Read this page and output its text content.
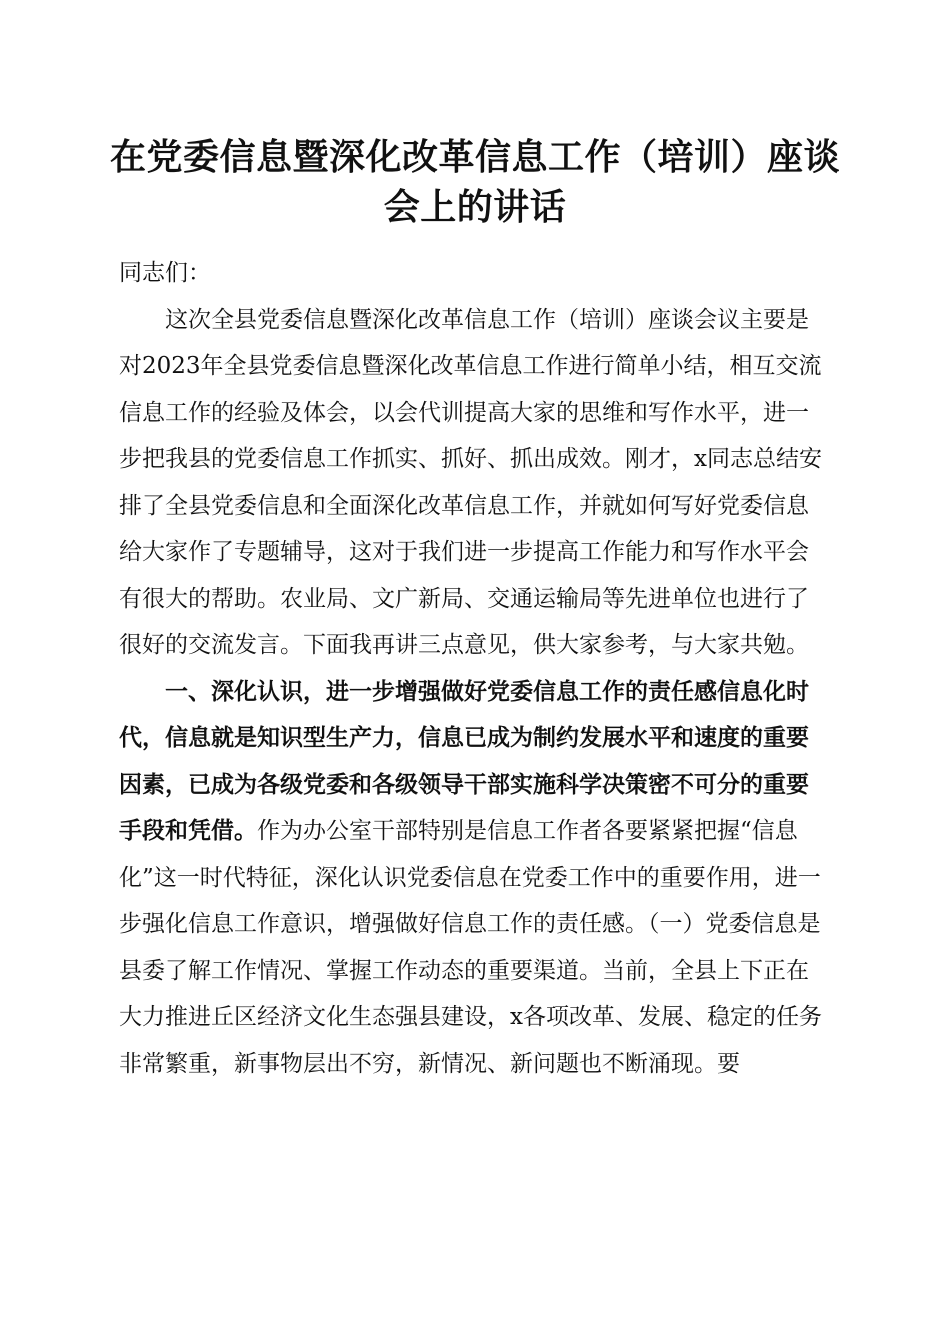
在党委信息暨深化改革信息工作（培训）座谈
会上的讲话

同志们：

这次全县党委信息暨深化改革信息工作（培训）座谈会议主要是对2023年全县党委信息暨深化改革信息工作进行简单小结，相互交流信息工作的经验及体会，以会代训提高大家的思维和写作水平，进一步把我县的党委信息工作抓实、抓好、抓出成效。刚才，x同志总结安排了全县党委信息和全面深化改革信息工作，并就如何写好党委信息给大家作了专题辅导，这对于我们进一步提高工作能力和写作水平会有很大的帮助。农业局、文广新局、交通运输局等先进单位也进行了很好的交流发言。下面我再讲三点意见，供大家参考，与大家共勉。

一、深化认识，进一步增强做好党委信息工作的责任感信息化时代，信息就是知识型生产力，信息已成为制约发展水平和速度的重要因素，已成为各级党委和各级领导干部实施科学决策密不可分的重要手段和凭借。作为办公室干部特别是信息工作者各要紧紧把握“信息化”这一时代特征，深化认识党委信息在党委工作中的重要作用，进一步强化信息工作意识，增强做好信息工作的责任感。（一）党委信息是县委了解工作情况、掌握工作动态的重要渠道。当前，全县上下正在大力推进丘区经济文化生态强县建设，x各项改革、发展、稳定的任务非常繁重，新事物层出不穷，新情况、新问题也不断涌现。要
